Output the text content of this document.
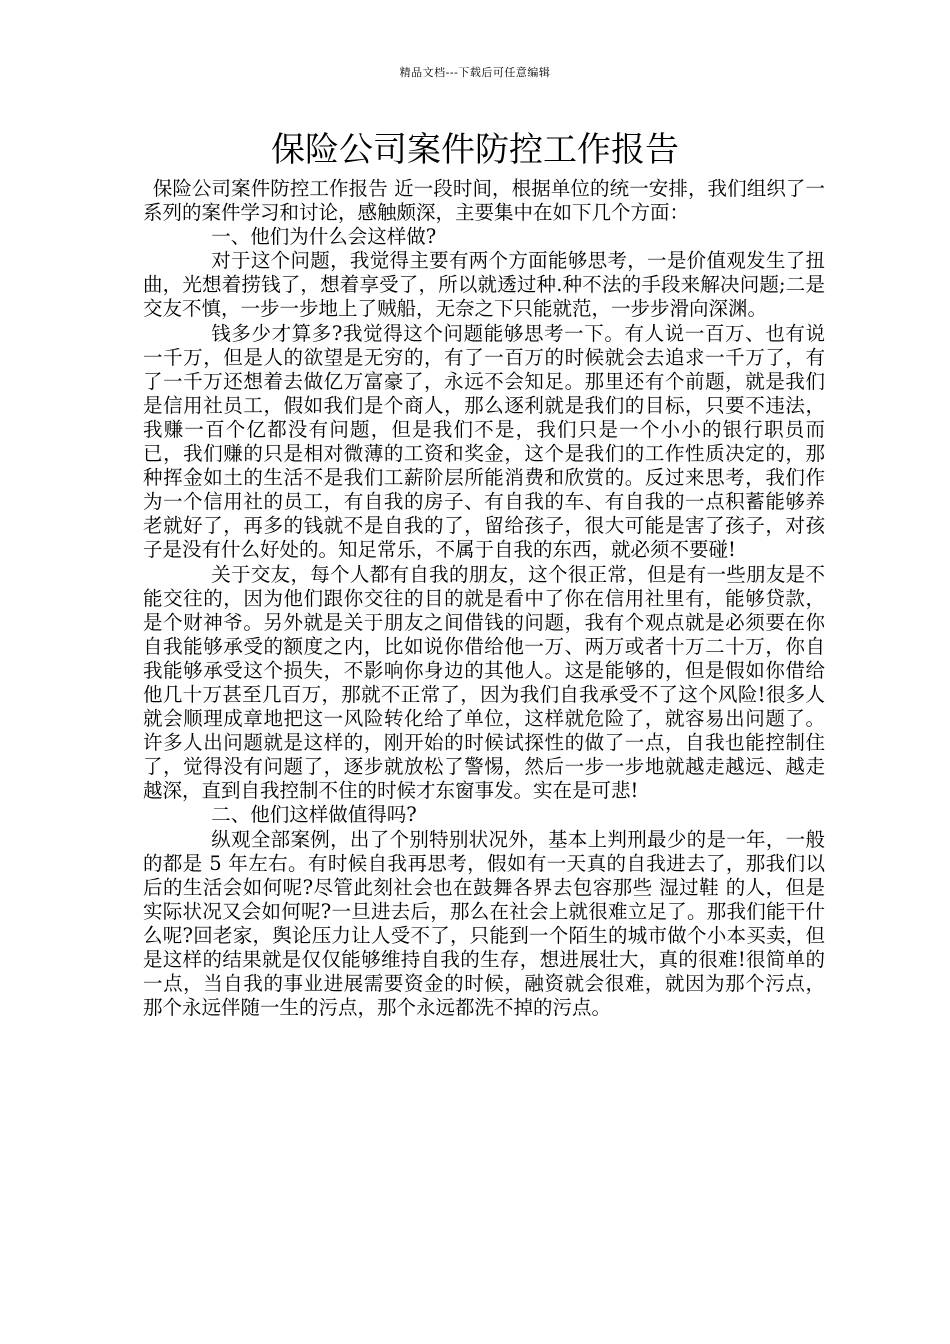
精品文档---下载后可任意编辑
保险公司案件防控工作报告

保险公司案件防控工作报告 近一段时间，根据单位的统一安排，我们组织了一系列的案件学习和讨论，感触颇深，主要集中在如下几个方面：

一、他们为什么会这样做?

对于这个问题，我觉得主要有两个方面能够思考，一是价值观发生了扭曲，光想着捞钱了，想着享受了，所以就透过种.种不法的手段来解决问题;二是交友不慎，一步一步地上了贼船，无奈之下只能就范，一步步滑向深渊。

钱多少才算多?我觉得这个问题能够思考一下。有人说一百万、也有说一千万，但是人的欲望是无穷的，有了一百万的时候就会去追求一千万了，有了一千万还想着去做亿万富豪了，永远不会知足。那里还有个前题，就是我们是信用社员工，假如我们是个商人，那么逐利就是我们的目标，只要不违法，我赚一百个亿都没有问题，但是我们不是，我们只是一个小小的银行职员而已，我们赚的只是相对微薄的工资和奖金，这个是我们的工作性质决定的，那种挥金如土的生活不是我们工薪阶层所能消费和欣赏的。反过来思考，我们作为一个信用社的员工，有自我的房子、有自我的车、有自我的一点积蓄能够养老就好了，再多的钱就不是自我的了，留给孩子，很大可能是害了孩子，对孩子是没有什么好处的。知足常乐，不属于自我的东西，就必须不要碰!

关于交友，每个人都有自我的朋友，这个很正常，但是有一些朋友是不能交往的，因为他们跟你交往的目的就是看中了你在信用社里有，能够贷款，是个财神爷。另外就是关于朋友之间借钱的问题，我有个观点就是必须要在你自我能够承受的额度之内，比如说你借给他一万、两万或者十万二十万，你自我能够承受这个损失，不影响你身边的其他人。这是能够的，但是假如你借给他几十万甚至几百万，那就不正常了，因为我们自我承受不了这个风险!很多人就会顺理成章地把这一风险转化给了单位，这样就危险了，就容易出问题了。许多人出问题就是这样的，刚开始的时候试探性的做了一点，自我也能控制住了，觉得没有问题了，逐步就放松了警惕，然后一步一步地就越走越远、越走越深，直到自我控制不住的时候才东窗事发。实在是可悲!

二、他们这样做值得吗?

纵观全部案例，出了个别特别状况外，基本上判刑最少的是一年，一般的都是 5 年左右。有时候自我再思考，假如有一天真的自我进去了，那我们以后的生活会如何呢?尽管此刻社会也在鼓舞各界去包容那些 湿过鞋 的人，但是实际状况又会如何呢?一旦进去后，那么在社会上就很难立足了。那我们能干什么呢?回老家，舆论压力让人受不了，只能到一个陌生的城市做个小本买卖，但是这样的结果就是仅仅能够维持自我的生存，想进展壮大，真的很难!很简单的一点，当自我的事业进展需要资金的时候，融资就会很难，就因为那个污点，那个永远伴随一生的污点，那个永远都洗不掉的污点。
